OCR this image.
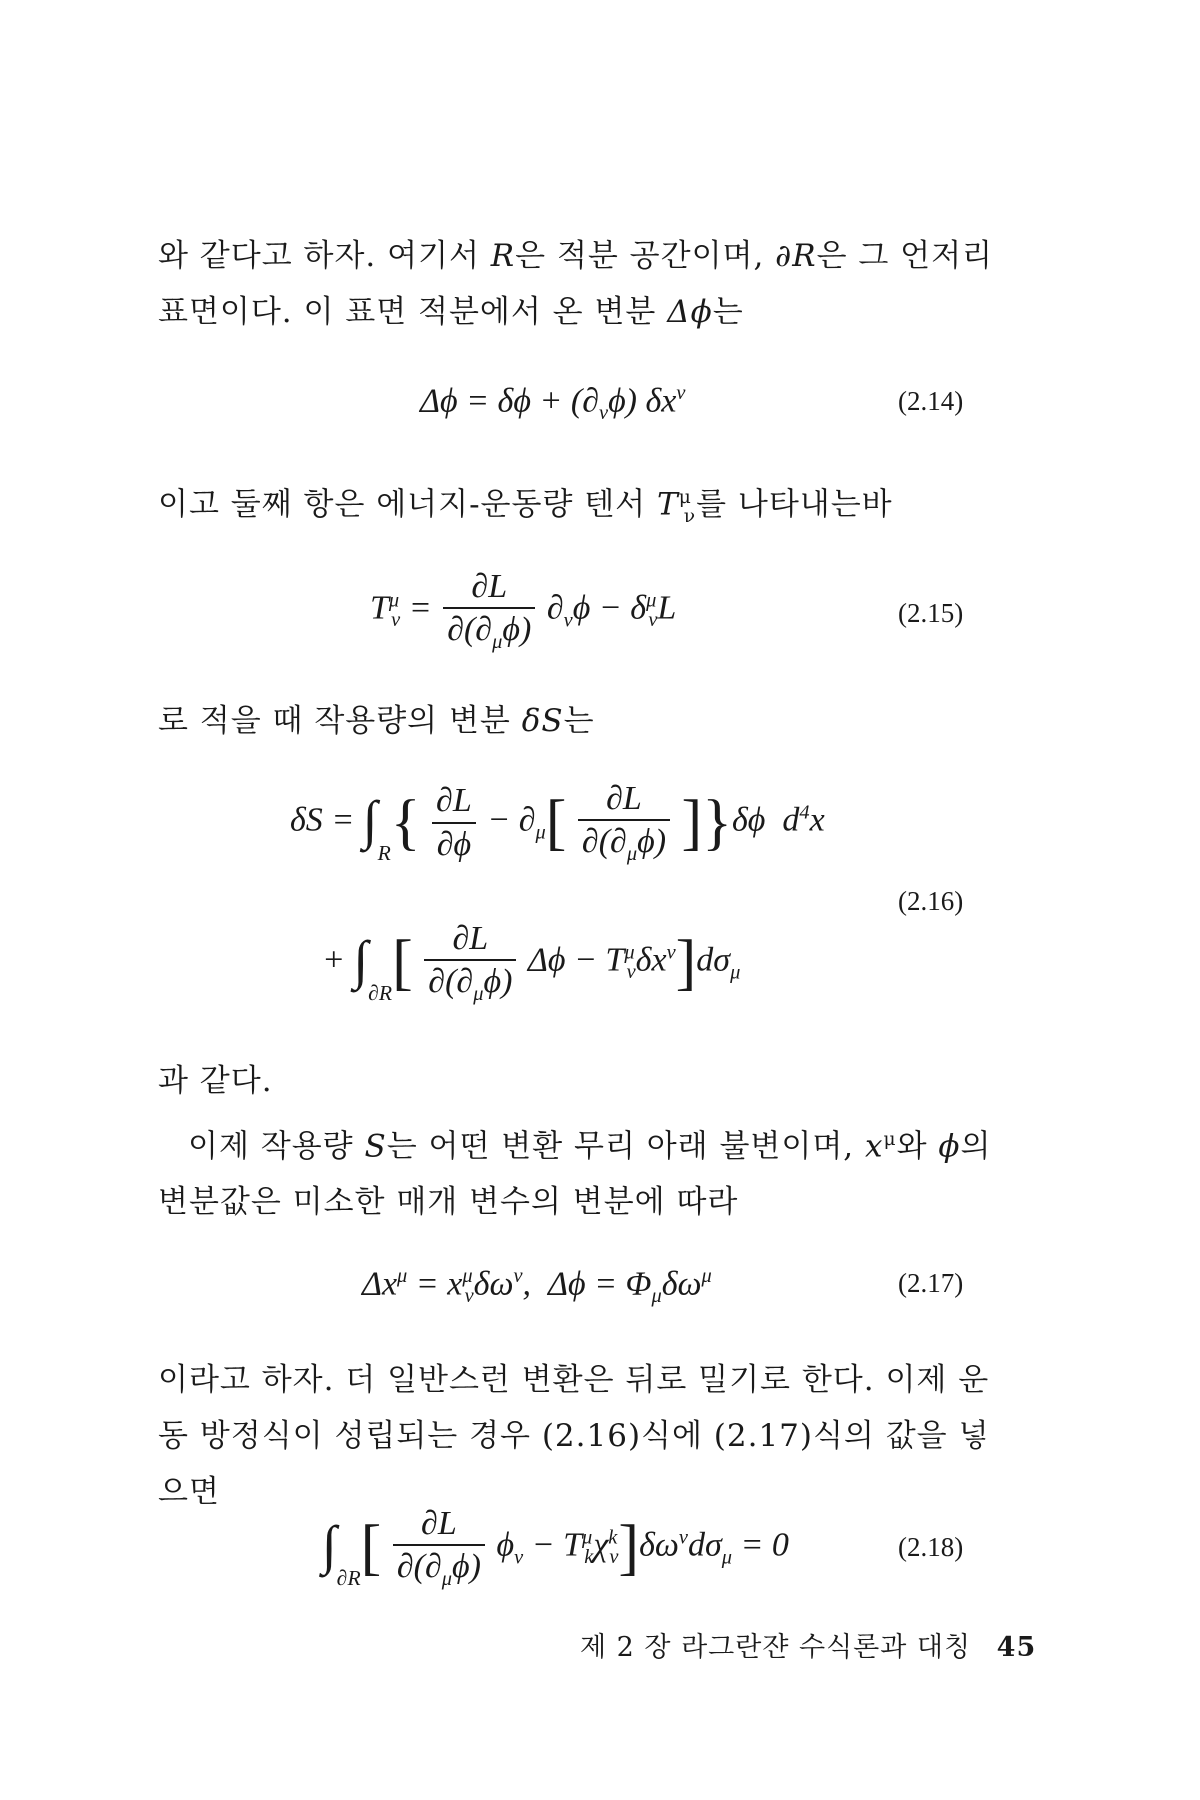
와 같다고 하자. 여기서 R은 적분 공간이며, ∂R은 그 언저리 표면이다. 이 표면 적분에서 온 변분 Δϕ는

$\Delta\phi = \delta\phi + (\partial_\nu\phi)$ $\delta x^\nu$	(2.14)

이고 둘째 항은 에너지-운동량 텐서 $T^\mu_\nu$를 나타내는바

$T^\mu_\nu = \frac{\partial L}{\partial(\partial_\mu\phi)} \partial_\nu\phi - \delta^\mu_\nu L$	(2.15)

로 적을 때 작용량의 변분 δS는

$\delta S = \int_R\{ \frac{\partial L}{\partial\phi} - \partial_\mu[ \frac{\partial L}{\partial(\partial_\mu\phi)} ]\}\delta\phi$ $d^4x$
(2.16)
+ $\int_{\partial R}[ \frac{\partial L}{\partial(\partial_\mu\phi)}$ $\Delta\phi - T^\mu_\nu\delta x^\nu]d\sigma_\mu$

과 같다.

이제 작용량 S는 어떤 변환 무리 아래 불변이며, $x^\mu$와 ϕ의 변분값은 미소한 매개 변수의 변분에 따라

$\Delta x^\mu = x^\mu_\nu\delta\omega^\nu$,  $\Delta\phi = \Phi_\mu\delta\omega^\mu$	(2.17)

이라고 하자. 더 일반스런 변환은 뒤로 밀기로 한다. 이제 운동 방정식이 성립되는 경우 (2.16)식에 (2.17)식의 값을 넣으면

$\int_{\partial R}[ \frac{\partial L}{\partial(\partial_\mu\phi)} \phi_\nu - T^\mu_k\chi^k_\nu]\delta\omega^\nu d\sigma_\mu = 0$	(2.18)
제 2 장 라그란쟌 수식론과 대칭 45
